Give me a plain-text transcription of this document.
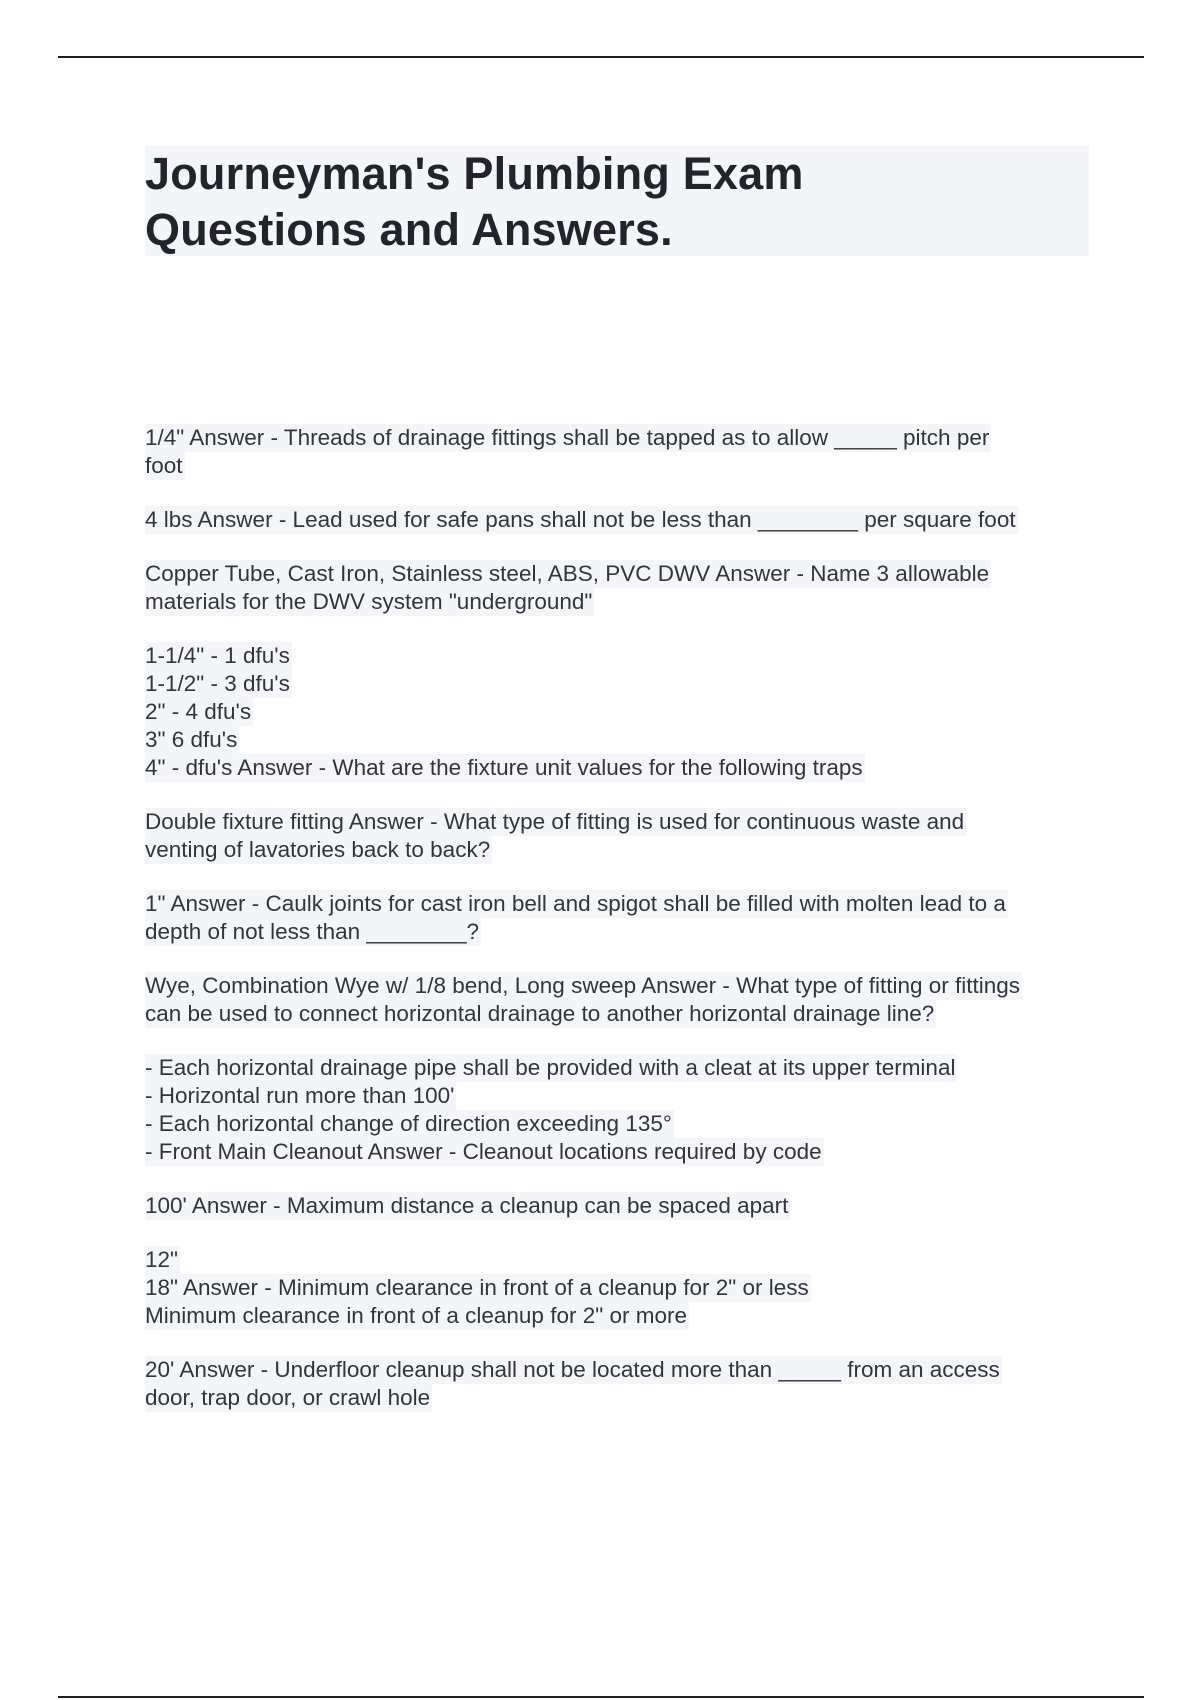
Journeyman's Plumbing Exam
Questions and Answers.
1/4" Answer - Threads of drainage fittings shall be tapped as to allow _____ pitch per
foot
4 lbs Answer - Lead used for safe pans shall not be less than ________ per square foot
Copper Tube, Cast Iron, Stainless steel, ABS, PVC DWV Answer - Name 3 allowable
materials for the DWV system "underground"
1-1/4" - 1 dfu's
1-1/2" - 3 dfu's
2" - 4 dfu's
3" 6 dfu's
4" - dfu's Answer - What are the fixture unit values for the following traps
Double fixture fitting Answer - What type of fitting is used for continuous waste and
venting of lavatories back to back?
1" Answer - Caulk joints for cast iron bell and spigot shall be filled with molten lead to a
depth of not less than ________?
Wye, Combination Wye w/ 1/8 bend, Long sweep Answer - What type of fitting or fittings
can be used to connect horizontal drainage to another horizontal drainage line?
- Each horizontal drainage pipe shall be provided with a cleat at its upper terminal
- Horizontal run more than 100'
- Each horizontal change of direction exceeding 135°
- Front Main Cleanout Answer - Cleanout locations required by code
100' Answer - Maximum distance a cleanup can be spaced apart
12"
18" Answer - Minimum clearance in front of a cleanup for 2" or less
Minimum clearance in front of a cleanup for 2" or more
20' Answer - Underfloor cleanup shall not be located more than _____ from an access
door, trap door, or crawl hole
